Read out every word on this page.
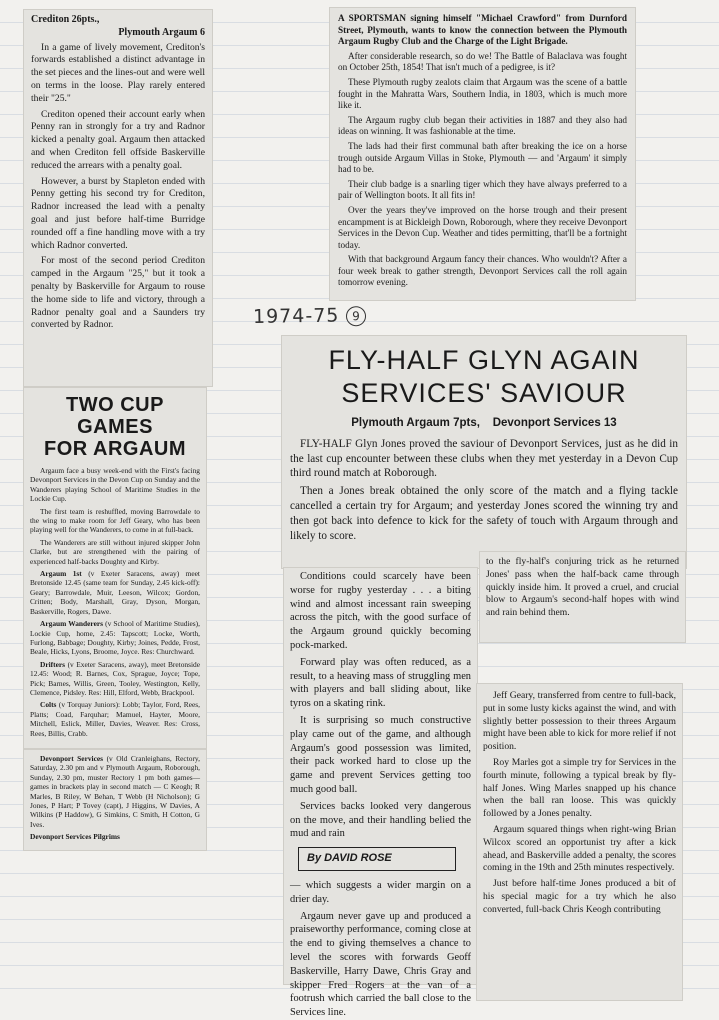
Crediton 26pts.,
Plymouth Argaum 6

In a game of lively movement, Crediton's forwards established a distinct advantage in the set pieces and the lines-out and were well on terms in the loose. Play rarely entered their "25."

Crediton opened their account early when Penny ran in strongly for a try and Radnor kicked a penalty goal. Argaum then attacked and when Crediton fell offside Baskerville reduced the arrears with a penalty goal.

However, a burst by Stapleton ended with Penny getting his second try for Crediton, Radnor increased the lead with a penalty goal and just before half-time Burridge rounded off a fine handling move with a try which Radnor converted.

For most of the second period Crediton camped in the Argaum "25," but it took a penalty by Baskerville for Argaum to rouse the home side to life and victory, through a Radnor penalty goal and a Saunders try converted by Radnor.

TWO CUP GAMES
FOR ARGAUM

Argaum face a busy week-end with the First's facing Devonport Services in the Devon Cup on Sunday and the Wanderers playing School of Maritime Studies in the Lockie Cup.

The first team is reshuffled, moving Barrowdale to the wing to make room for Jeff Geary, who has been playing well for the Wanderers, to come in at full-back.

The Wanderers are still without injured skipper John Clarke, but are strengthened with the pairing of experienced half-backs Doughty and Kirby.

Argaum 1st (v Exeter Saracens, away) meet Bretonside 12.45 (same team for Sunday, 2.45 kick-off): Geary; Barrowdale, Muir, Leeson, Wilcox; Gordon, Critten; Body, Marshall, Gray, Dyson, Morgan, Baskerville, Rogers, Dawe.

Argaum Wanderers (v School of Maritime Studies), Lockie Cup, home, 2.45: Tapscott; Locke, Worth, Furlong, Babbage; Doughty, Kirby; Joines, Pedde, Frost, Beale, Hicks, Lyons, Broome, Joyce. Res: Churchward.

Drifters (v Exeter Saracens, away), meet Bretonside 12.45: Wood; R. Barnes, Cox, Sprague, Joyce; Tope, Pick; Barnes, Willis, Green, Tooley, Westington, Kelly, Clemence, Pidsley. Res: Hill, Elford, Webb, Brackpool.

Colts (v Torquay Juniors): Lobb; Taylor, Ford, Rees, Platts; Coad, Farquhar; Mamuel, Hayter, Moore, Mitchell, Eslick, Miller, Davies, Weaver. Res: Cross, Rees, Billis, Crabb.

Devonport Services (v Old Cranleighans, Rectory, Saturday, 2.30 pm and v Plymouth Argaum, Roborough, Sunday, 2.30 pm, muster Rectory 1 pm both games—games in brackets play in second match — C Keogh; R Marles, B Riley, W Behan, T Webb (H Nicholson); G Jones, P Hart; P Tovey (capt), J Higgins, W Davies, A Wilkins (P Haddow), G Simkins, C Smith, H Cotton, G Ives.

Devonport Services Pilgrims

A SPORTSMAN signing himself "Michael Crawford" from Durnford Street, Plymouth, wants to know the connection between the Plymouth Argaum Rugby Club and the Charge of the Light Brigade.

After considerable research, so do we! The Battle of Balaclava was fought on October 25th, 1854! That isn't much of a pedigree, is it?

These Plymouth rugby zealots claim that Argaum was the scene of a battle fought in the Mahratta Wars, Southern India, in 1803, which is much more like it.

The Argaum rugby club began their activities in 1887 and they also had ideas on winning. It was fashionable at the time.

The lads had their first communal bath after breaking the ice on a horse trough outside Argaum Villas in Stoke, Plymouth — and 'Argaum' it simply had to be.

Their club badge is a snarling tiger which they have always preferred to a pair of Wellington boots. It all fits in!

Over the years they've improved on the horse trough and their present encampment is at Bickleigh Down, Roborough, where they receive Devonport Services in the Devon Cup. Weather and tides permitting, that'll be a fortnight today.

With that background Argaum fancy their chances. Who wouldn't? After a four week break to gather strength, Devonport Services call the roll again tomorrow evening.

1974-75 9
FLY-HALF GLYN AGAIN
SERVICES' SAVIOUR
Plymouth Argaum 7pts, Devonport Services 13

FLY-HALF Glyn Jones proved the saviour of Devonport Services, just as he did in the last cup encounter between these clubs when they met yesterday in a Devon Cup third round match at Roborough.

Then a Jones break obtained the only score of the match and a flying tackle cancelled a certain try for Argaum; and yesterday Jones scored the winning try and then got back into defence to kick for the safety of touch with Argaum through and likely to score.

Conditions could scarcely have been worse for rugby yesterday . . . a biting wind and almost incessant rain sweeping across the pitch, with the good surface of the Argaum ground quickly becoming pock-marked.

Forward play was often reduced, as a result, to a heaving mass of struggling men with players and ball sliding about, like tyros on a skating rink.

It is surprising so much constructive play came out of the game, and although Argaum's good possession was limited, their pack worked hard to close up the game and prevent Services getting too much good ball.

Services backs looked very dangerous on the move, and their handling belied the mud and rain

By DAVID ROSE

— which suggests a wider margin on a drier day.

Argaum never gave up and produced a praiseworthy performance, coming close at the end to giving themselves a chance to level the scores with forwards Geoff Baskerville, Harry Dawe, Chris Gray and skipper Fred Rogers at the van of a footrush which carried the ball close to the Services line.

to the fly-half's conjuring trick as he returned Jones' pass when the half-back came through quickly inside him. It proved a cruel, and crucial blow to Argaum's second-half hopes with wind and rain behind them.

Jeff Geary, transferred from centre to full-back, put in some lusty kicks against the wind, and with slightly better possession to their threes Argaum might have been able to kick for more relief if not position.

Roy Marles got a simple try for Services in the fourth minute, following a typical break by fly-half Jones. Wing Marles snapped up his chance when the ball ran loose. This was quickly followed by a Jones penalty.

Argaum squared things when right-wing Brian Wilcox scored an opportunist try after a kick ahead, and Baskerville added a penalty, the scores coming in the 19th and 25th minutes respectively.

Just before half-time Jones produced a bit of his special magic for a try which he also converted, full-back Chris Keogh contributing
